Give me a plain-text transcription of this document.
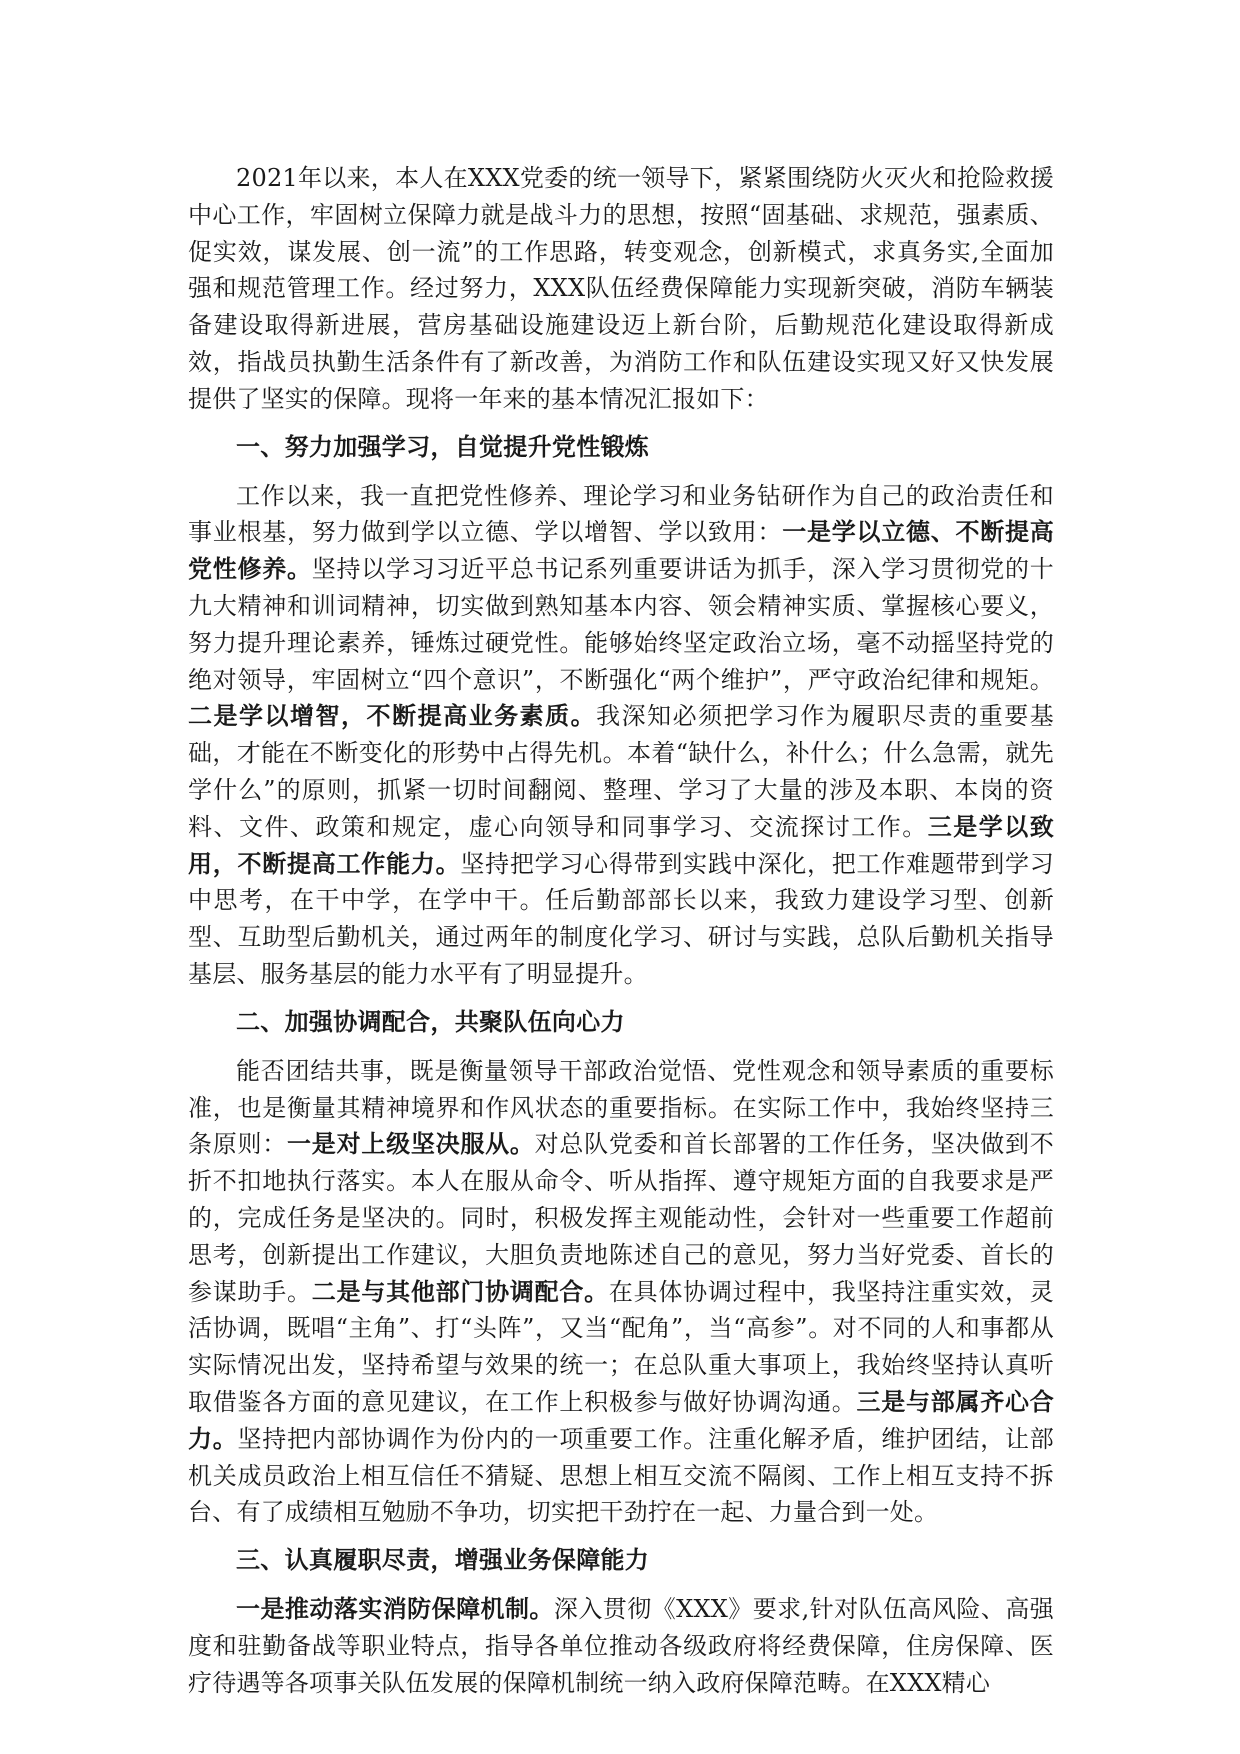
2021年以来，本人在XXX党委的统一领导下，紧紧围绕防火灭火和抢险救援中心工作，牢固树立保障力就是战斗力的思想，按照“固基础、求规范，强素质、促实效，谋发展、创一流”的工作思路，转变观念，创新模式，求真务实,全面加强和规范管理工作。经过努力，XXX队伍经费保障能力实现新突破，消防车辆装备建设取得新进展，营房基础设施建设迈上新台阶，后勤规范化建设取得新成效，指战员执勤生活条件有了新改善，为消防工作和队伍建设实现又好又快发展提供了坚实的保障。现将一年来的基本情况汇报如下：

一、努力加强学习，自觉提升党性锻炼

工作以来，我一直把党性修养、理论学习和业务钻研作为自己的政治责任和事业根基，努力做到学以立德、学以增智、学以致用：一是学以立德、不断提高党性修养。坚持以学习习近平总书记系列重要讲话为抓手，深入学习贯彻党的十九大精神和训词精神，切实做到熟知基本内容、领会精神实质、掌握核心要义，努力提升理论素养，锤炼过硬党性。能够始终坚定政治立场，毫不动摇坚持党的绝对领导，牢固树立“四个意识”，不断强化“两个维护”，严守政治纪律和规矩。二是学以增智，不断提高业务素质。我深知必须把学习作为履职尽责的重要基础，才能在不断变化的形势中占得先机。本着“缺什么，补什么；什么急需，就先学什么”的原则，抓紧一切时间翻阅、整理、学习了大量的涉及本职、本岗的资料、文件、政策和规定，虚心向领导和同事学习、交流探讨工作。三是学以致用，不断提高工作能力。坚持把学习心得带到实践中深化，把工作难题带到学习中思考，在干中学，在学中干。任后勤部部长以来，我致力建设学习型、创新型、互助型后勤机关，通过两年的制度化学习、研讨与实践，总队后勤机关指导基层、服务基层的能力水平有了明显提升。

二、加强协调配合，共聚队伍向心力

能否团结共事，既是衡量领导干部政治觉悟、党性观念和领导素质的重要标准，也是衡量其精神境界和作风状态的重要指标。在实际工作中，我始终坚持三条原则：一是对上级坚决服从。对总队党委和首长部署的工作任务，坚决做到不折不扣地执行落实。本人在服从命令、听从指挥、遵守规矩方面的自我要求是严的，完成任务是坚决的。同时，积极发挥主观能动性，会针对一些重要工作超前思考，创新提出工作建议，大胆负责地陈述自己的意见，努力当好党委、首长的参谋助手。二是与其他部门协调配合。在具体协调过程中，我坚持注重实效，灵活协调，既唱“主角”、打“头阵”，又当“配角”，当“高参”。对不同的人和事都从实际情况出发，坚持希望与效果的统一；在总队重大事项上，我始终坚持认真听取借鉴各方面的意见建议，在工作上积极参与做好协调沟通。三是与部属齐心合力。坚持把内部协调作为份内的一项重要工作。注重化解矛盾，维护团结，让部机关成员政治上相互信任不猜疑、思想上相互交流不隔阂、工作上相互支持不拆台、有了成绩相互勉励不争功，切实把干劲拧在一起、力量合到一处。

三、认真履职尽责，增强业务保障能力

一是推动落实消防保障机制。深入贯彻《XXX》要求,针对队伍高风险、高强度和驻勤备战等职业特点，指导各单位推动各级政府将经费保障，住房保障、医疗待遇等各项事关队伍发展的保障机制统一纳入政府保障范畴。在XXX精心
